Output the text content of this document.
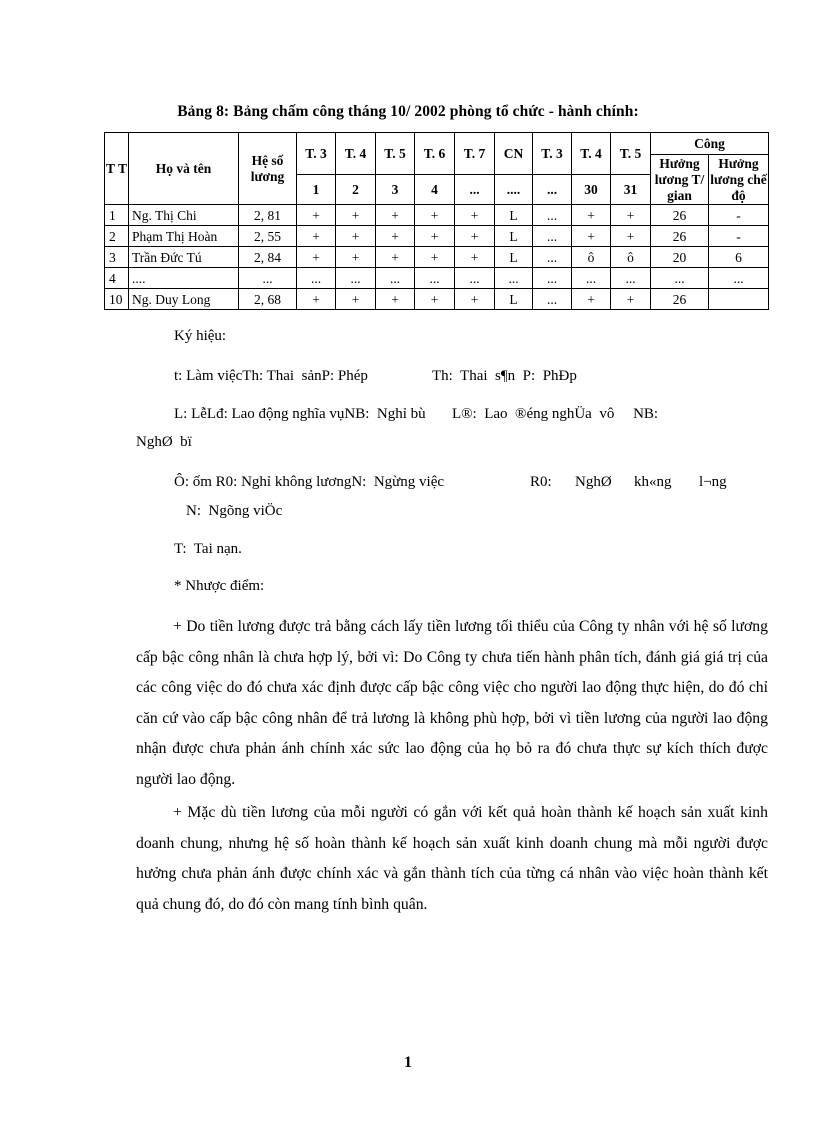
Bảng 8: Bảng chấm công tháng 10/ 2002 phòng tổ chức - hành chính:
T T	Họ và tên	Hệ số lương	T. 3	T. 4	T. 5	T. 6	T. 7	CN	T. 3	T. 4	T. 5	Công	
												Hưởng lương T/ gian	Hưởng lương chế độ
			1	2	3	4	...	....	...	30	31		
1	Ng. Thị Chi	2, 81	+	+	+	+	+	L	...	+	+	26	-
2	Phạm Thị Hoàn	2, 55	+	+	+	+	+	L	...	+	+	26	-
3	Trần Đức Tú	2, 84	+	+	+	+	+	L	...	ô	ô	20	6
4	....	...	...	...	...	...	...	...	...	...	...	...	...
10	Ng. Duy Long	2, 68	+	+	+	+	+	L	...	+	+	26	
Ký hiệu:
t: Làm việcTh: Thai  sảnP: Phép	Th:  Thai  s¶n  P:  PhÐp
L: LễLđ: Lao động nghĩa vụNB:  Nghỉ bù L®:  Lao  ®éng nghÜa  vô     NB:
NghØ  bï
Ô: ốm R0: Nghỉ không lươngN:  Ngừng việc	R0: NghØ kh«ng l¬ng
N:  Ngõng viÖc
T:  Tai nạn.
* Nhược điểm:

+ Do tiền lương được trả bằng cách lấy tiền lương tối thiểu của Công ty nhân với hệ số lương cấp bậc công nhân là chưa hợp lý, bởi vì: Do Công ty chưa tiến hành phân tích, đánh giá giá trị của các công việc do đó chưa xác định được cấp bậc công việc cho người lao động thực hiện, do đó chỉ căn cứ vào cấp bậc công nhân để trả lương là không phù hợp, bởi vì tiền lương của người lao động nhận được chưa phản ánh chính xác sức lao động của họ bỏ ra đó chưa thực sự kích thích được người lao động.

+ Mặc dù tiền lương của mỗi người có gắn với kết quả hoàn thành kế hoạch sản xuất kinh doanh chung, nhưng hệ số hoàn thành kế hoạch sản xuất kinh doanh chung mà mỗi người được hưởng chưa phản ánh được chính xác và gắn thành tích của từng cá nhân vào việc hoàn thành kết quả chung đó, do đó còn mang tính bình quân.

1
